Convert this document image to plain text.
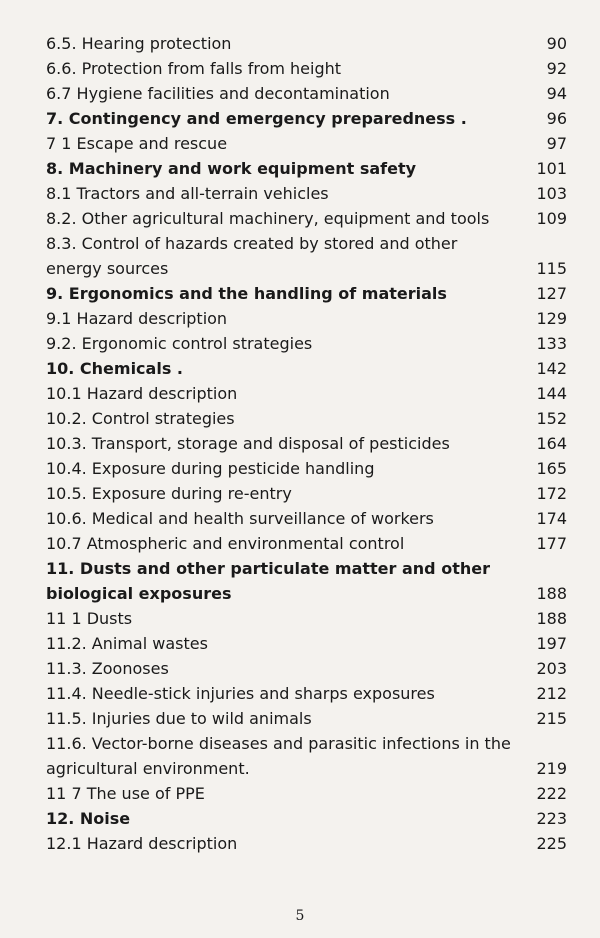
6.5. Hearing protection	90
6.6. Protection from falls from height	92
6.7 Hygiene facilities and decontamination	94
7. Contingency and emergency preparedness .	96
7 1 Escape and rescue	97
8. Machinery and work equipment safety	101
8.1 Tractors and all-terrain vehicles	103
8.2. Other agricultural machinery, equipment and tools	109
8.3. Control of hazards created by stored and other energy sources	115
9. Ergonomics and the handling of materials	127
9.1 Hazard description	129
9.2. Ergonomic control strategies	133
10. Chemicals .	142
10.1 Hazard description	144
10.2. Control strategies	152
10.3. Transport, storage and disposal of pesticides	164
10.4. Exposure during pesticide handling	165
10.5. Exposure during re-entry	172
10.6. Medical and health surveillance of workers	174
10.7 Atmospheric and environmental control	177
11. Dusts and other particulate matter and other biological exposures	188
11 1 Dusts	188
11.2. Animal wastes	197
11.3. Zoonoses	203
11.4. Needle-stick injuries and sharps exposures	212
11.5. Injuries due to wild animals	215
11.6. Vector-borne diseases and parasitic infections in the agricultural environment.	219
11 7 The use of PPE	222
12. Noise	223
12.1 Hazard description	225
5
